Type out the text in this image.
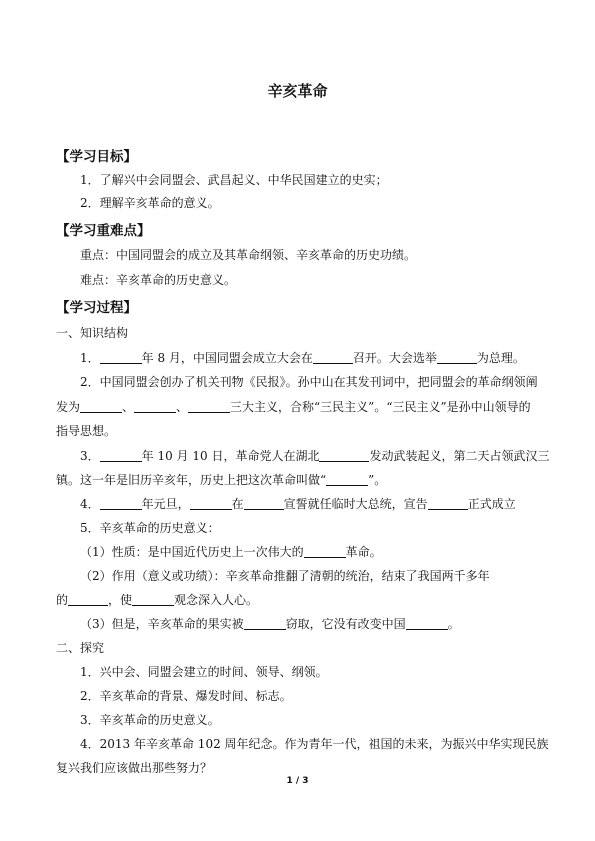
辛亥革命
【学习目标】
1．了解兴中会同盟会、武昌起义、中华民国建立的史实；
2．理解辛亥革命的意义。
【学习重难点】
重点：中国同盟会的成立及其革命纲领、辛亥革命的历史功绩。
难点：辛亥革命的历史意义。
【学习过程】
一、知识结构
1．	年 8 月，中国同盟会成立大会在	召开。大会选举	为总理。
2．中国同盟会创办了机关刊物《民报》。孙中山在其发刊词中，把同盟会的革命纲领阐
发为	、	、	三大主义，合称“三民主义”。“三民主义”是孙中山领导的
指导思想。
3．	年 10 月 10 日，革命党人在湖北	发动武装起义，第二天占领武汉三
镇。这一年是旧历辛亥年，历史上把这次革命叫做“	”。
4．	年元旦，	在	宣誓就任临时大总统，宣告	正式成立
5．辛亥革命的历史意义：
（1）性质：是中国近代历史上一次伟大的	革命。
（2）作用（意义或功绩）：辛亥革命推翻了清朝的统治，结束了我国两千多年
的	，使	观念深入人心。
（3）但是，辛亥革命的果实被	窃取，它没有改变中国	。
二、探究
1．兴中会、同盟会建立的时间、领导、纲领。
2．辛亥革命的背景、爆发时间、标志。
3．辛亥革命的历史意义。
4．2013 年辛亥革命 102 周年纪念。作为青年一代，祖国的未来，为振兴中华实现民族
复兴我们应该做出那些努力？
1 / 3
